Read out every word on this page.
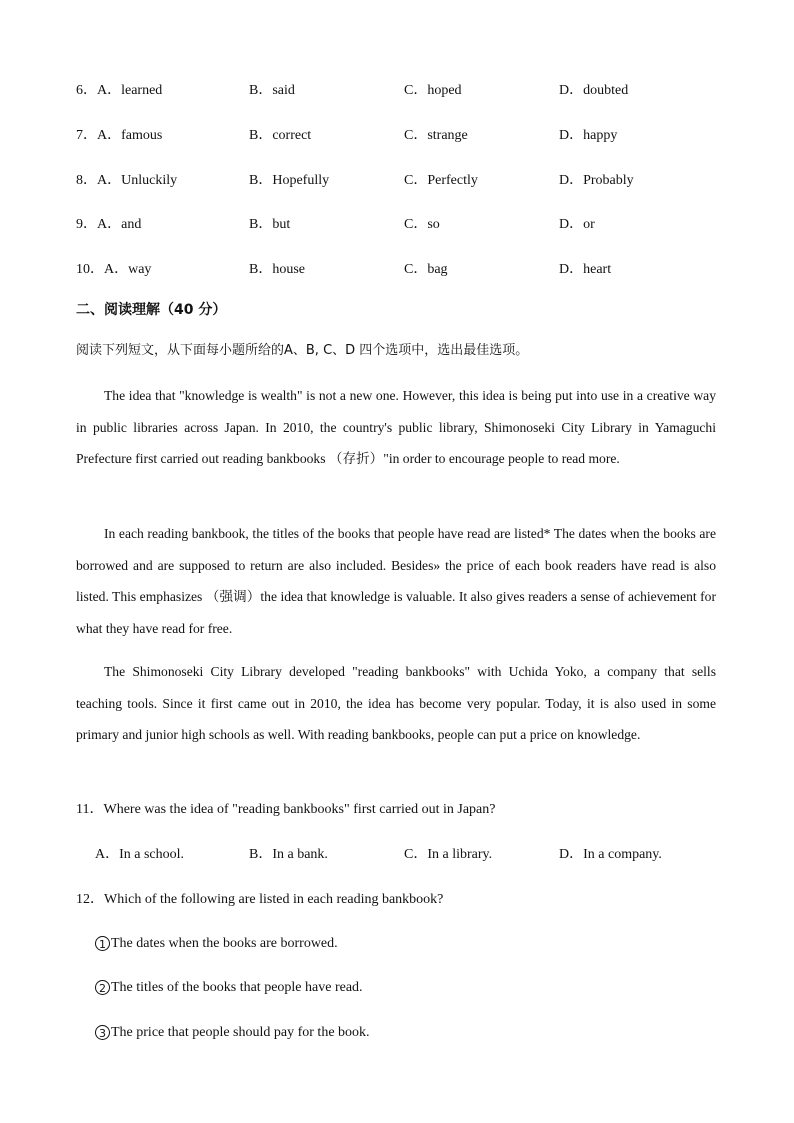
6．A．learned	B．said	C．hoped	D．doubted
7．A．famous	B．correct	C．strange	D．happy
8．A．Unluckily	B．Hopefully	C．Perfectly	D．Probably
9．A．and	B．but	C．so	D．or
10．A．way	B．house	C．bag	D．heart
二、阅读理解（40 分）
阅读下列短文，从下面每小题所给的A、B, C、D 四个选项中，选出最佳选项。

The idea that "knowledge is wealth" is not a new one. However, this idea is being put into use in a creative way in public libraries across Japan. In 2010, the country's public library, Shimonoseki City Library in Yamaguchi Prefecture first carried out reading bankbooks （存折）"in order to encourage people to read more.

In each reading bankbook, the titles of the books that people have read are listed* The dates when the books are borrowed and are supposed to return are also included. Besides» the price of each book readers have read is also listed. This emphasizes （强调）the idea that knowledge is valuable. It also gives readers a sense of achievement for what they have read for free.

The Shimonoseki City Library developed "reading bankbooks" with Uchida Yoko, a company that sells teaching tools. Since it first came out in 2010, the idea has become very popular. Today, it is also used in some primary and junior high schools as well. With reading bankbooks, people can put a price on knowledge.

11．Where was the idea of "reading bankbooks" first carried out in Japan?
A．In a school.	B．In a bank.	C．In a library.	D．In a company.
12．Which of the following are listed in each reading bankbook?
1 The dates when the books are borrowed.
2 The titles of the books that people have read.
3 The price that people should pay for the book.
